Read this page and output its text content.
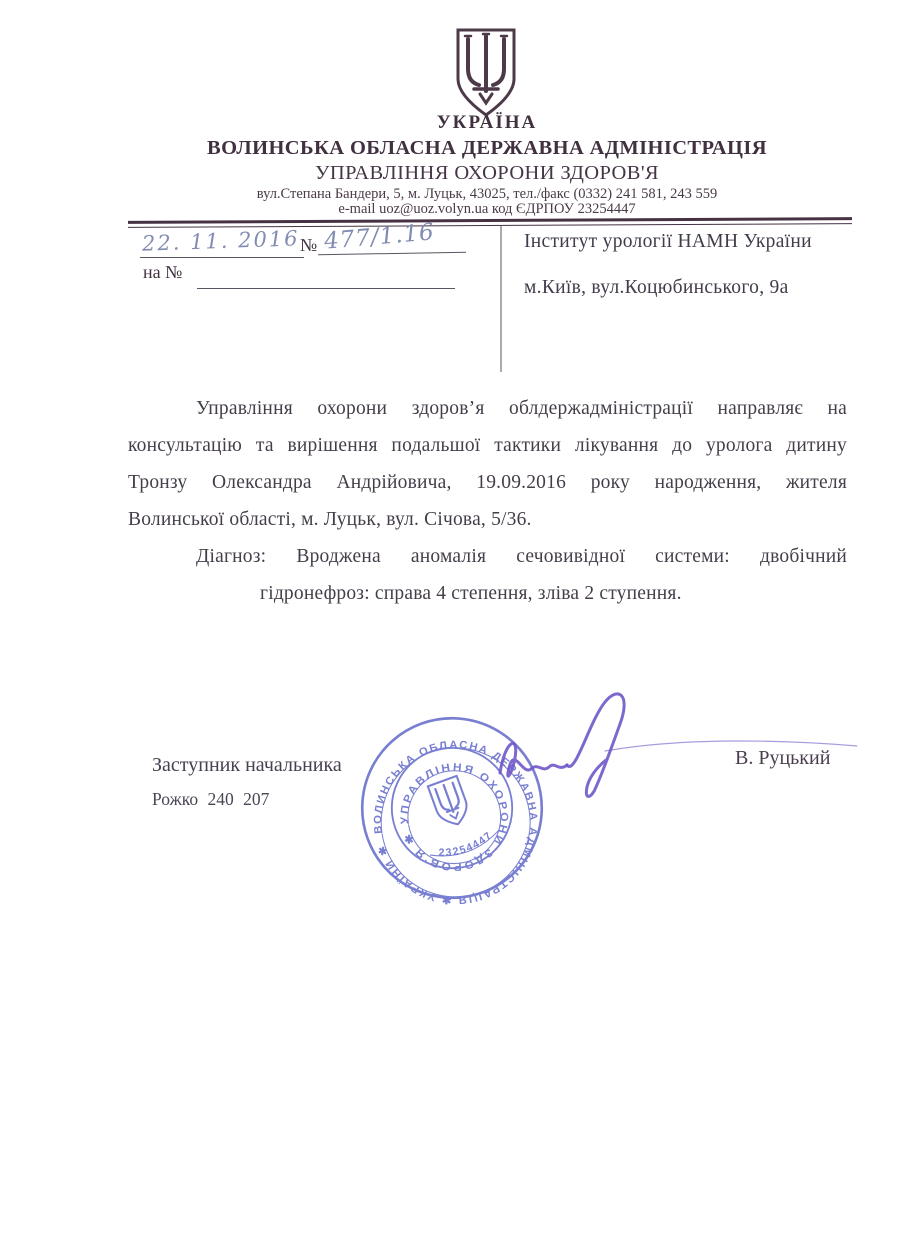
УКРАЇНА
ВОЛИНСЬКА ОБЛАСНА ДЕРЖАВНА АДМІНІСТРАЦІЯ
УПРАВЛІННЯ ОХОРОНИ ЗДОРОВ'Я
вул.Степана Бандери, 5, м. Луцьк, 43025, тел./факс (0332) 241 581, 243 559
e-mail uoz@uoz.volyn.ua код ЄДРПОУ 23254447
22. 11. 2016 № 477/1.16
на №
Інститут урології НАМН України
м.Київ, вул.Коцюбинського, 9а
Управління охорони здоров’я облдержадміністрації направляє на
консультацію та вирішення подальшої тактики лікування до уролога дитину
Тронзу Олександра Андрійовича, 19.09.2016 року народження, жителя
Волинської області, м. Луцьк, вул. Січова, 5/36.
Діагноз: Вроджена аномалія сечовивідної системи: двобічний
гідронефроз: справа 4 степення, зліва 2 ступення.
Заступник начальника
Рожко 240 207
В. Руцький
ВОЛИНСЬКА ОБЛАСНА ДЕРЖАВНА АДМІНІСТРАЦІЯ ✱ УКРАЇНИ ✱
УПРАВЛІННЯ ОХОРОНИ ЗДОРОВ'Я ✱
23254447
